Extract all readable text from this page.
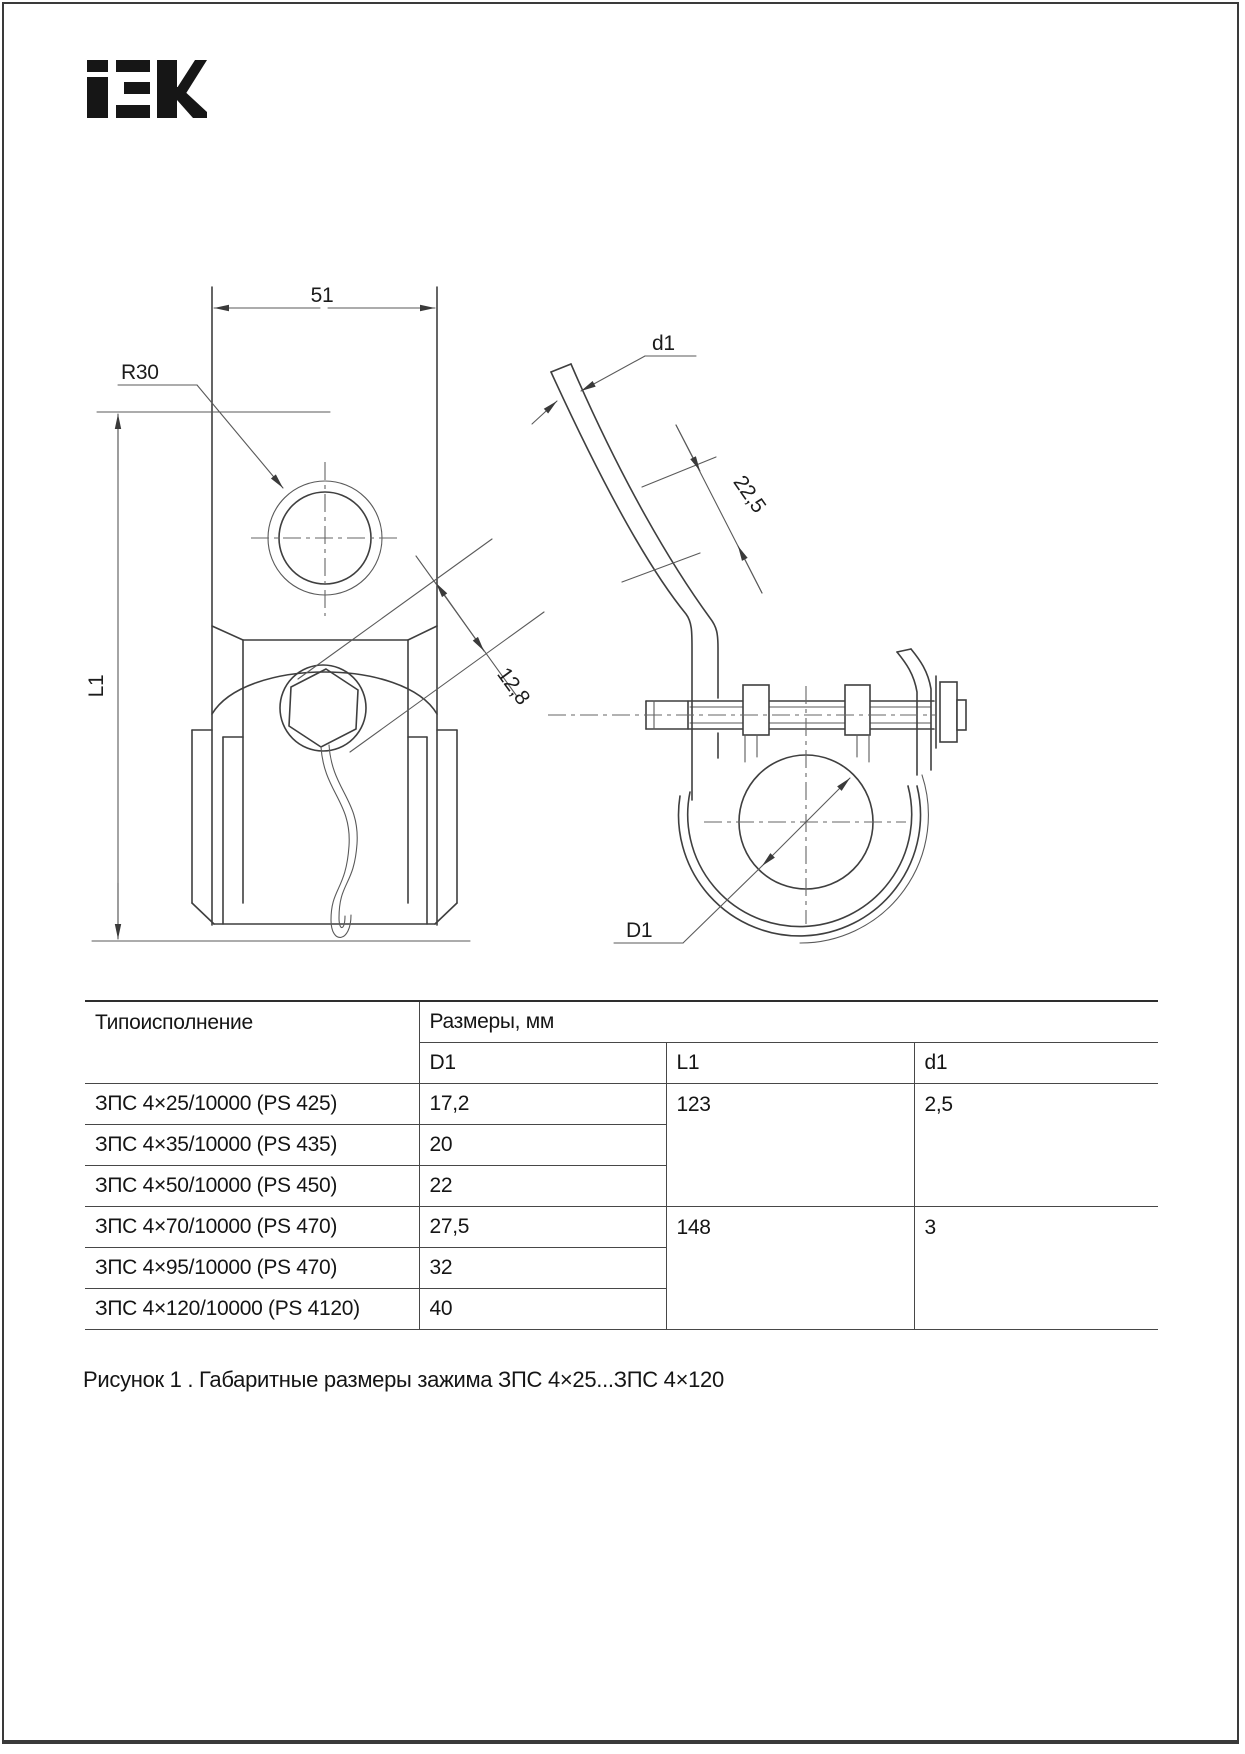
51
R30
12,8
L1
d1
22,5
D1
Типоисполнение	Размеры, мм		
	D1	L1	d1
ЗПС 4×25/10000 (PS 425)	17,2	123	2,5
ЗПС 4×35/10000 (PS 435)	20		
ЗПС 4×50/10000 (PS 450)	22		
ЗПС 4×70/10000 (PS 470)	27,5	148	3
ЗПС 4×95/10000 (PS 470)	32		
ЗПС 4×120/10000 (PS 4120)	40		
Рисунок 1 . Габаритные размеры зажима ЗПС 4×25...ЗПС 4×120
